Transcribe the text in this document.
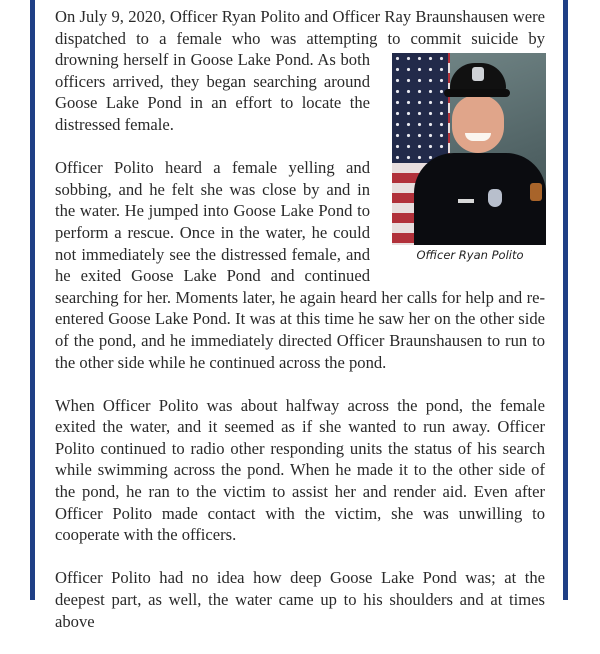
On July 9, 2020, Officer Ryan Polito and Officer Ray Braunshausen were dispatched to a female who was attempting to commit suicide
Officer Ryan Polito
by drowning herself in Goose Lake Pond. As both officers arrived, they began searching around Goose Lake Pond in an effort to locate the distressed female.

Officer Polito heard a female yelling and sobbing, and he felt she was close by and in the water. He jumped into Goose Lake Pond to perform a rescue. Once in the water, he could not immediately see the distressed female, and he exited Goose Lake Pond and continued searching for her. Moments later, he again heard her calls for help and re-entered Goose Lake Pond. It was at this time he saw her on the other side of the pond, and he immediately directed Officer Braunshausen to run to the other side while he continued across the pond.

When Officer Polito was about halfway across the pond, the female exited the water, and it seemed as if she wanted to run away. Officer Polito continued to radio other responding units the status of his search while swimming across the pond. When he made it to the other side of the pond, he ran to the victim to assist her and render aid. Even after Officer Polito made contact with the victim, she was unwilling to cooperate with the officers.

Officer Polito had no idea how deep Goose Lake Pond was; at the deepest part, as well, the water came up to his shoulders and at times above
